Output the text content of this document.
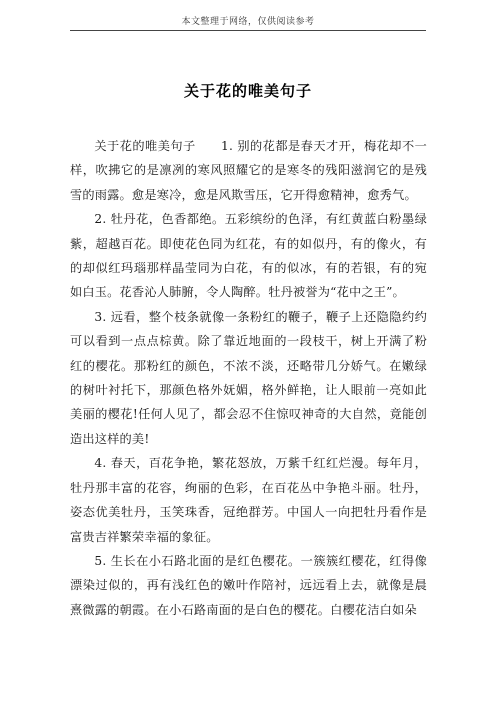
本文整理于网络，仅供阅读参考
关于花的唯美句子

关于花的唯美句子　　1. 别的花都是春天才开，梅花却不一样，吹拂它的是凛冽的寒风照耀它的是寒冬的残阳滋润它的是残雪的雨露。愈是寒冷，愈是风欺雪压，它开得愈精神，愈秀气。

2. 牡丹花，色香都绝。五彩缤纷的色泽，有红黄蓝白粉墨绿紫，超越百花。即使花色同为红花，有的如似丹，有的像火，有的却似红玛瑙那样晶莹同为白花，有的似冰，有的若银，有的宛如白玉。花香沁人肺腑，令人陶醉。牡丹被誉为“花中之王”。

3. 远看，整个枝条就像一条粉红的鞭子，鞭子上还隐隐约约可以看到一点点棕黄。除了靠近地面的一段枝干，树上开满了粉红的樱花。那粉红的颜色，不浓不淡，还略带几分娇气。在嫩绿的树叶衬托下，那颜色格外妩媚，格外鲜艳，让人眼前一亮如此美丽的樱花!任何人见了，都会忍不住惊叹神奇的大自然，竟能创造出这样的美!

4. 春天，百花争艳，繁花怒放，万紫千红红烂漫。每年月，牡丹那丰富的花容，绚丽的色彩，在百花丛中争艳斗丽。牡丹，姿态优美牡丹，玉笑珠香，冠绝群芳。中国人一向把牡丹看作是富贵吉祥繁荣幸福的象征。

5. 生长在小石路北面的是红色樱花。一簇簇红樱花，红得像漂染过似的，再有浅红色的嫩叶作陪衬，远远看上去，就像是晨熹微露的朝霞。在小石路南面的是白色的樱花。白樱花洁白如朵
